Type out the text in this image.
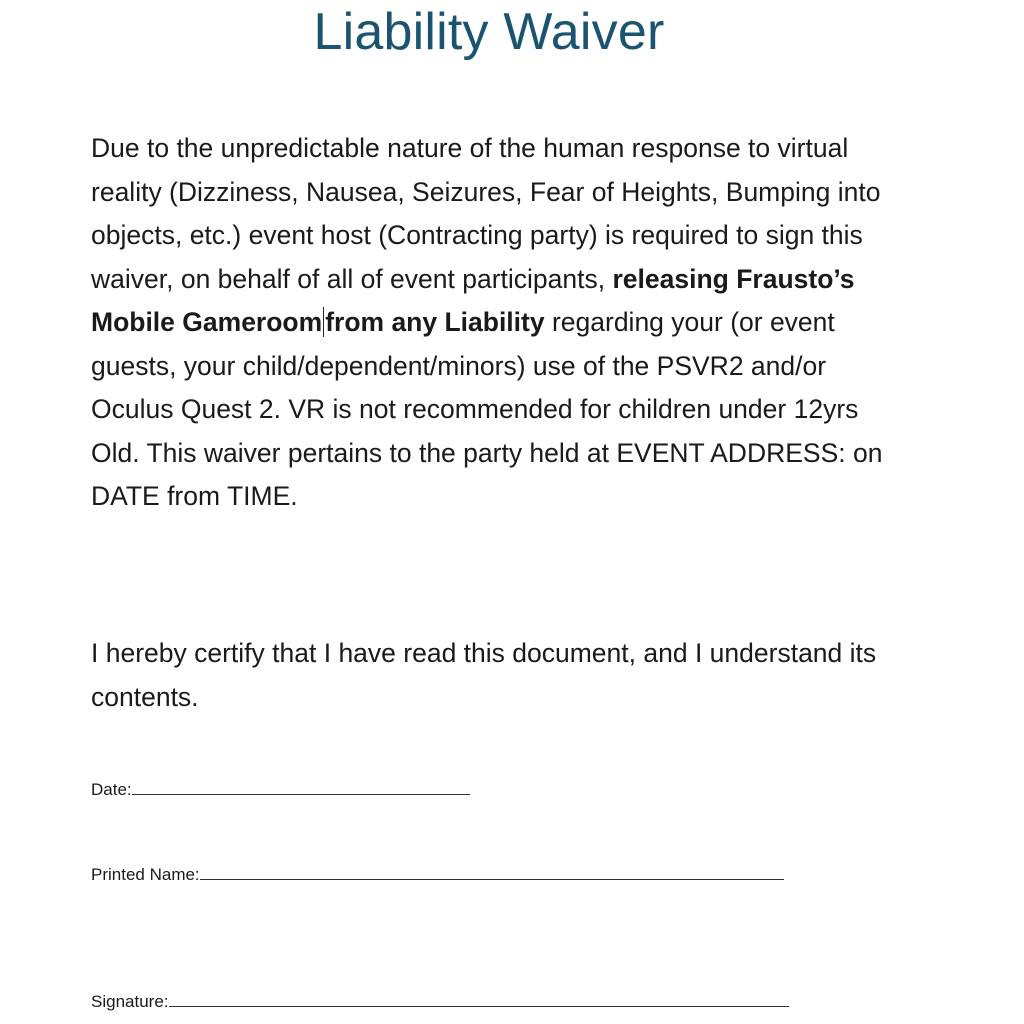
Liability Waiver
Due to the unpredictable nature of the human response to virtual reality (Dizziness, Nausea, Seizures, Fear of Heights, Bumping into objects, etc.) event host (Contracting party) is required to sign this waiver, on behalf of all of event participants, releasing Frausto’s Mobile Gameroom from any Liability regarding your (or event guests, your child/dependent/minors) use of the PSVR2 and/or Oculus Quest 2. VR is not recommended for children under 12yrs Old. This waiver pertains to the party held at EVENT ADDRESS: on DATE from TIME.
I hereby certify that I have read this document, and I understand its contents.
Date:
Printed Name:
Signature:
